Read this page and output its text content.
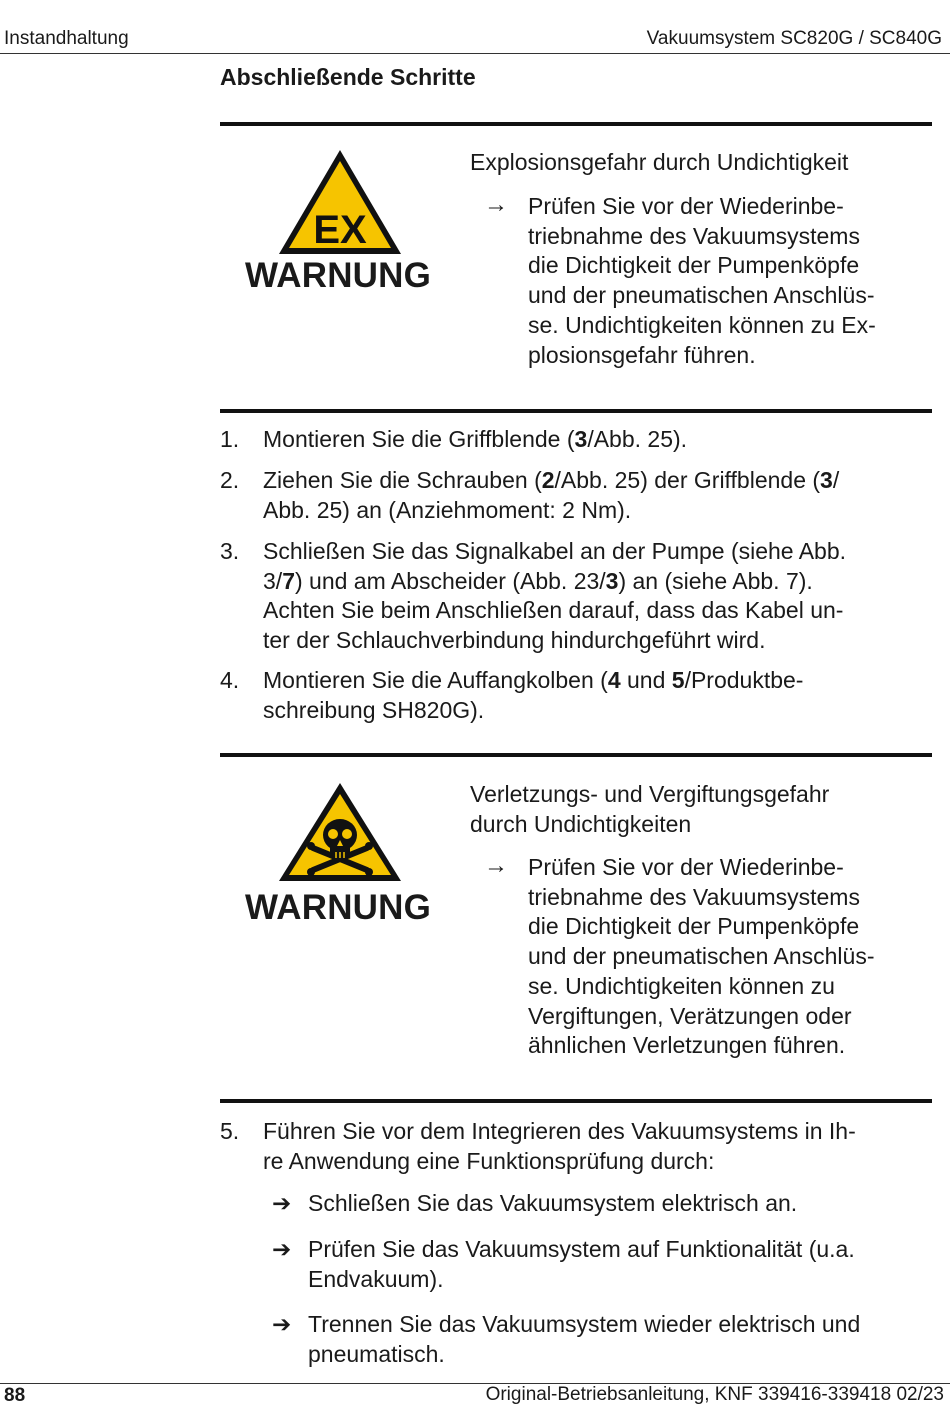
Instandhaltung	Vakuumsystem SC820G / SC840G
Abschließende Schritte
EX
WARNUNG
Explosionsgefahr durch Undichtigkeit
→ Prüfen Sie vor der Wiederinbe-
triebnahme des Vakuumsystems
die Dichtigkeit der Pumpenköpfe
und der pneumatischen Anschlüs-
se. Undichtigkeiten können zu Ex-
plosionsgefahr führen.
1.	Montieren Sie die Griffblende (3/Abb. 25).
2.	Ziehen Sie die Schrauben (2/Abb. 25) der Griffblende (3/
Abb. 25) an (Anziehmoment: 2 Nm).
3.	Schließen Sie das Signalkabel an der Pumpe (siehe Abb.
3/7) und am Abscheider (Abb. 23/3) an (siehe Abb. 7).
Achten Sie beim Anschließen darauf, dass das Kabel un-
ter der Schlauchverbindung hindurchgeführt wird.
4.	Montieren Sie die Auffangkolben (4 und 5/Produktbe-
schreibung SH820G).
WARNUNG
Verletzungs- und Vergiftungsgefahr
durch Undichtigkeiten
→ Prüfen Sie vor der Wiederinbe-
triebnahme des Vakuumsystems
die Dichtigkeit der Pumpenköpfe
und der pneumatischen Anschlüs-
se. Undichtigkeiten können zu
Vergiftungen, Verätzungen oder
ähnlichen Verletzungen führen.
5.	Führen Sie vor dem Integrieren des Vakuumsystems in Ih-
re Anwendung eine Funktionsprüfung durch:
➔ Schließen Sie das Vakuumsystem elektrisch an.
➔ Prüfen Sie das Vakuumsystem auf Funktionalität (u.a.
Endvakuum).
➔ Trennen Sie das Vakuumsystem wieder elektrisch und
pneumatisch.
88	Original-Betriebsanleitung, KNF 339416-339418 02/23
